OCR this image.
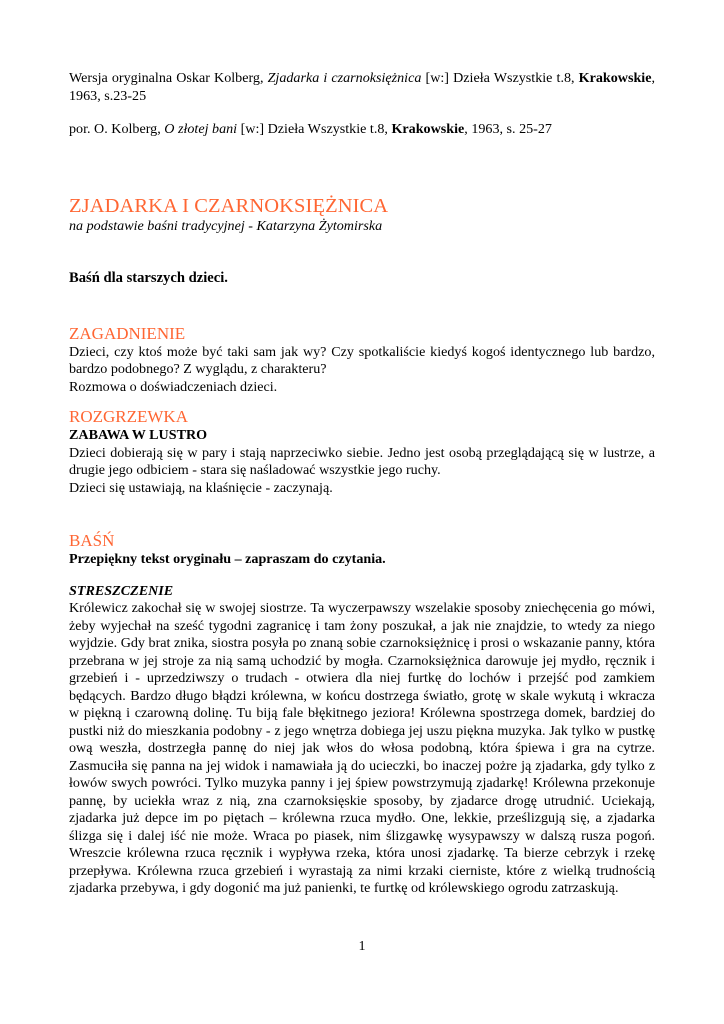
Wersja oryginalna Oskar Kolberg, Zjadarka i czarnoksiężnica [w:] Dzieła Wszystkie t.8, Krakowskie, 1963, s.23-25

por. O. Kolberg, O złotej bani [w:] Dzieła Wszystkie t.8, Krakowskie, 1963, s. 25-27

ZJADARKA I CZARNOKSIĘŻNICA

na podstawie baśni tradycyjnej - Katarzyna Żytomirska

Baśń dla starszych dzieci.

ZAGADNIENIE

Dzieci, czy ktoś może być taki sam jak wy? Czy spotkaliście kiedyś kogoś identycznego lub bardzo, bardzo podobnego? Z wyglądu, z charakteru?

Rozmowa o doświadczeniach dzieci.

ROZGRZEWKA

ZABAWA W LUSTRO

Dzieci dobierają się w pary i stają naprzeciwko siebie. Jedno jest osobą przeglądającą się w lustrze, a drugie jego odbiciem - stara się naśladować wszystkie jego ruchy.

Dzieci się ustawiają, na klaśnięcie - zaczynają.

BAŚŃ

Przepiękny tekst oryginału – zapraszam do czytania.

STRESZCZENIE

Królewicz zakochał się w swojej siostrze. Ta wyczerpawszy wszelakie sposoby zniechęcenia go mówi, żeby wyjechał na sześć tygodni zagranicę i tam żony poszukał, a jak nie znajdzie, to wtedy za niego wyjdzie. Gdy brat znika, siostra posyła po znaną sobie czarnoksiężnicę i prosi o wskazanie panny, która przebrana w jej stroje za nią samą uchodzić by mogła. Czarnoksiężnica darowuje jej mydło, ręcznik i grzebień i - uprzedziwszy o trudach - otwiera dla niej furtkę do lochów i przejść pod zamkiem będących. Bardzo długo błądzi królewna, w końcu dostrzega światło, grotę w skale wykutą i wkracza w piękną i czarowną dolinę. Tu biją fale błękitnego jeziora! Królewna spostrzega domek, bardziej do pustki niż do mieszkania podobny - z jego wnętrza dobiega jej uszu piękna muzyka. Jak tylko w pustkę ową weszła, dostrzegła pannę do niej jak włos do włosa podobną, która śpiewa i gra na cytrze. Zasmuciła się panna na jej widok i namawiała ją do ucieczki, bo inaczej pożre ją zjadarka, gdy tylko z łowów swych powróci. Tylko muzyka panny i jej śpiew powstrzymują zjadarkę! Królewna przekonuje pannę, by uciekła wraz z nią, zna czarnoksięskie sposoby, by zjadarce drogę utrudnić. Uciekają, zjadarka już depce im po piętach – królewna rzuca mydło. One, lekkie, prześlizgują się, a zjadarka ślizga się i dalej iść nie może. Wraca po piasek, nim ślizgawkę wysypawszy w dalszą rusza pogoń. Wreszcie królewna rzuca ręcznik i wypływa rzeka, która unosi zjadarkę. Ta bierze cebrzyk i rzekę przepływa. Królewna rzuca grzebień i wyrastają za nimi krzaki cierniste, które z wielką trudnością zjadarka przebywa, i gdy dogonić ma już panienki, te furtkę od królewskiego ogrodu zatrzaskują.

1
